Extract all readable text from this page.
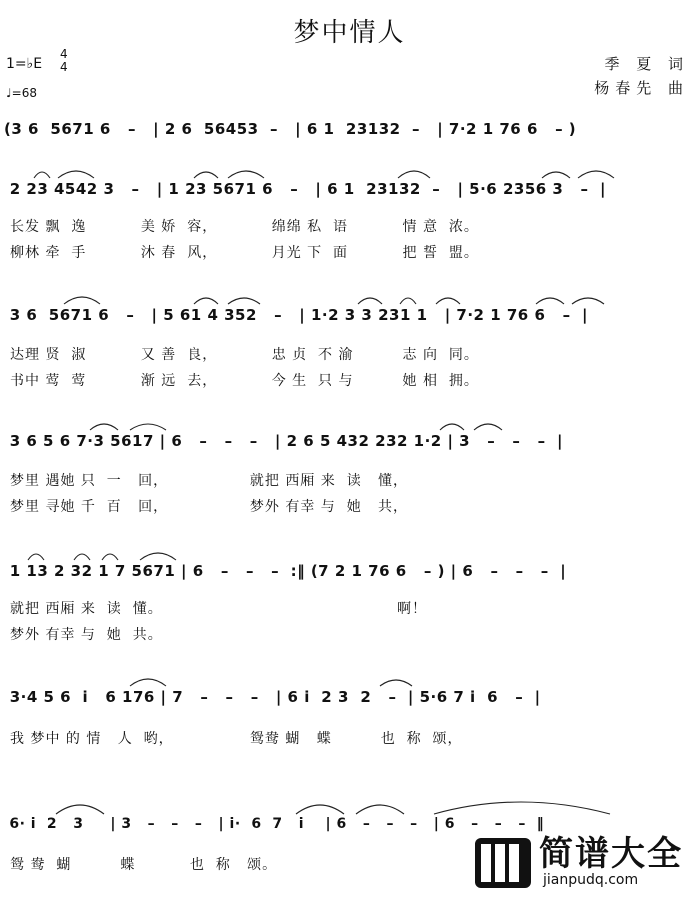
梦中情人
1=♭E
4
4
♩=68
季 夏 词
杨春先 曲
(3 6  5671 6   –   | 2 6  56453  –   | 6 1  23132  –   | 7·2 1 76 6   – )
2 23 4542 3   –   | 1 23 5671 6   –   | 6 1  23132  –   | 5·6 2356 3   –  |
长发 飘  逸          美 娇  容，          绵绵 私  语          情 意  浓。
柳林 牵  手          沐 春  风，          月光 下  面          把 誓  盟。
3 6  5671 6   –   | 5 61 4 352   –   | 1·2 3 3 231 1   | 7·2 1 76 6   –  |
达理 贤  淑          又 善  良，          忠 贞  不 渝         志 向  同。
书中 莺  莺          渐 远  去，          今 生  只 与         她 相  拥。
3 6 5 6 7·3 5617 | 6   –   –   –   | 2 6 5 432 232 1·2 | 3   –   –   –  |
梦里 遇她 只  一   回，               就把 西厢 来  读   懂，
梦里 寻她 千  百   回，               梦外 有幸 与  她   共，
1 13 2 32 1 7 5671 | 6   –   –   –  :‖ (7 2 1 76 6   – ) | 6   –   –   –  |
就把 西厢 来  读  懂。                                           啊！
梦外 有幸 与  她  共。
3·4 5 6  i   6 176 | 7   –   –   –   | 6 i  2 3  2   –  | 5·6 7 i  6   –  |
我 梦中 的 情   人  哟，              鸳鸯 蝴   蝶         也  称  颂，
6· i  2   3     | 3   –   –   –   | i·  6  7   i    | 6   –   –   –   | 6   –   –   –  ‖
鸳 鸯  蝴         蝶          也  称   颂。	简谱大全
jianpudq.com
